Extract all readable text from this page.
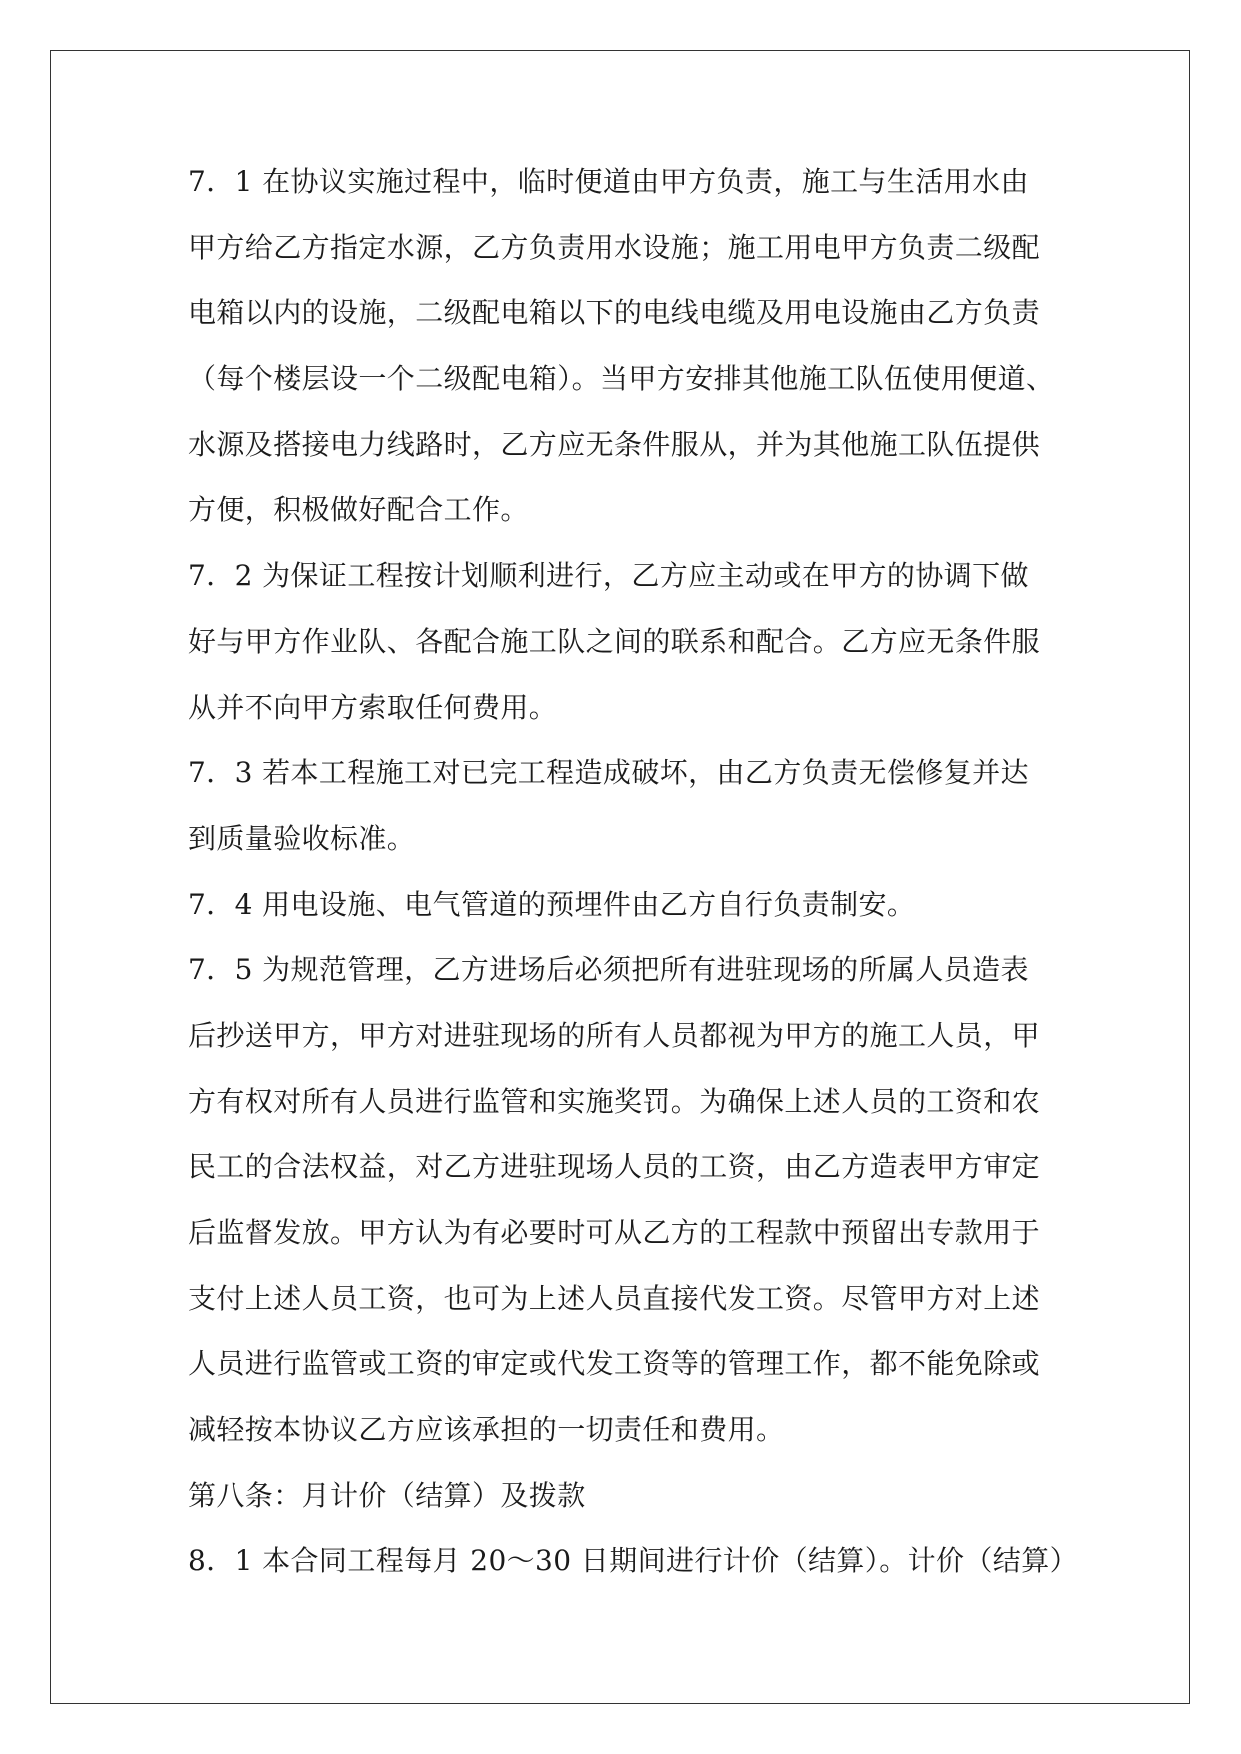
7．1 在协议实施过程中，临时便道由甲方负责，施工与生活用水由
甲方给乙方指定水源，乙方负责用水设施；施工用电甲方负责二级配
电箱以内的设施，二级配电箱以下的电线电缆及用电设施由乙方负责
（每个楼层设一个二级配电箱）。当甲方安排其他施工队伍使用便道、
水源及搭接电力线路时，乙方应无条件服从，并为其他施工队伍提供
方便，积极做好配合工作。
7．2 为保证工程按计划顺利进行，乙方应主动或在甲方的协调下做
好与甲方作业队、各配合施工队之间的联系和配合。乙方应无条件服
从并不向甲方索取任何费用。
7．3 若本工程施工对已完工程造成破坏，由乙方负责无偿修复并达
到质量验收标准。
7．4 用电设施、电气管道的预埋件由乙方自行负责制安。
7．5 为规范管理，乙方进场后必须把所有进驻现场的所属人员造表
后抄送甲方，甲方对进驻现场的所有人员都视为甲方的施工人员，甲
方有权对所有人员进行监管和实施奖罚。为确保上述人员的工资和农
民工的合法权益，对乙方进驻现场人员的工资，由乙方造表甲方审定
后监督发放。甲方认为有必要时可从乙方的工程款中预留出专款用于
支付上述人员工资，也可为上述人员直接代发工资。尽管甲方对上述
人员进行监管或工资的审定或代发工资等的管理工作，都不能免除或
减轻按本协议乙方应该承担的一切责任和费用。
第八条：月计价（结算）及拨款
8．1 本合同工程每月 20～30 日期间进行计价（结算）。计价（结算）
